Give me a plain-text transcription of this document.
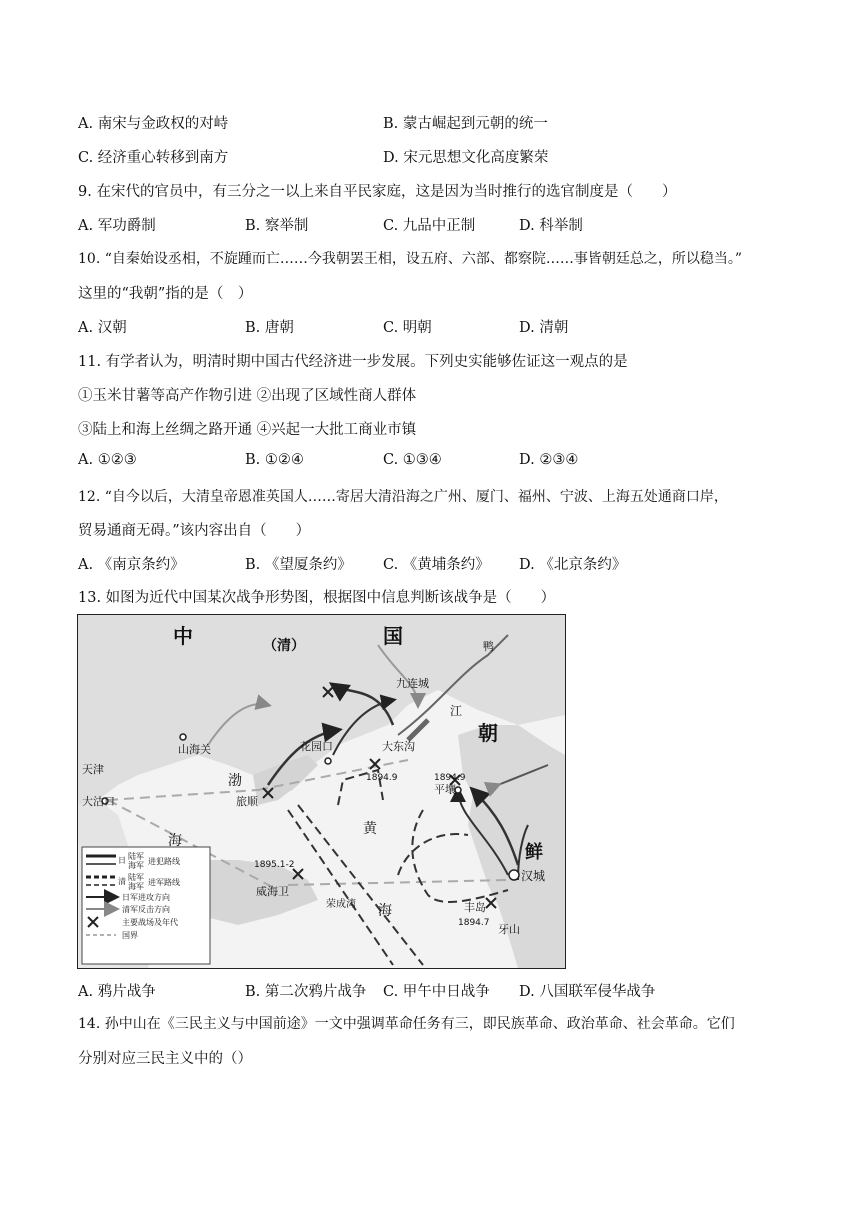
A. 南宋与金政权的对峙	B. 蒙古崛起到元朝的统一
C. 经济重心转移到南方	D. 宋元思想文化高度繁荣
9. 在宋代的官员中，有三分之一以上来自平民家庭，这是因为当时推行的选官制度是（　　）
A. 军功爵制	B. 察举制	C. 九品中正制	D. 科举制
10. “自秦始设丞相，不旋踵而亡……今我朝罢王相，设五府、六部、都察院……事皆朝廷总之，所以稳当。”
这里的“我朝”指的是（　）
A. 汉朝	B. 唐朝	C. 明朝	D. 清朝
11. 有学者认为，明清时期中国古代经济进一步发展。下列史实能够佐证这一观点的是
①玉米甘薯等高产作物引进 ②出现了区域性商人群体
③陆上和海上丝绸之路开通 ④兴起一大批工商业市镇
A. ①②③	B. ①②④	C. ①③④	D. ②③④
12. “自今以后，大清皇帝恩准英国人……寄居大清沿海之广州、厦门、福州、宁波、上海五处通商口岸，
贸易通商无碍。”该内容出自（　　）
A. 《南京条约》	B. 《望厦条约》 C. 《黄埔条约》 D. 《北京条约》
13. 如图为近代中国某次战争形势图，根据图中信息判断该战争是（　　）
中	国
（清）
朝
鲜
渤
海
黄
海
山海关
天津
大沽口	旅顺
花园口	大东沟
九连城
平壤
汉城
丰岛
牙山
威海卫
荣成湾
江
鸭
1894.9	1894.9
1895.1-2
1894.7
日 陆军
海军 进犯路线
清 陆军
海军 进军路线
日军进攻方向
清军反击方向
主要战场及年代
国界
A. 鸦片战争	B. 第二次鸦片战争 C. 甲午中日战争 D. 八国联军侵华战争
14. 孙中山在《三民主义与中国前途》一文中强调革命任务有三，即民族革命、政治革命、社会革命。它们
分别对应三民主义中的（）
